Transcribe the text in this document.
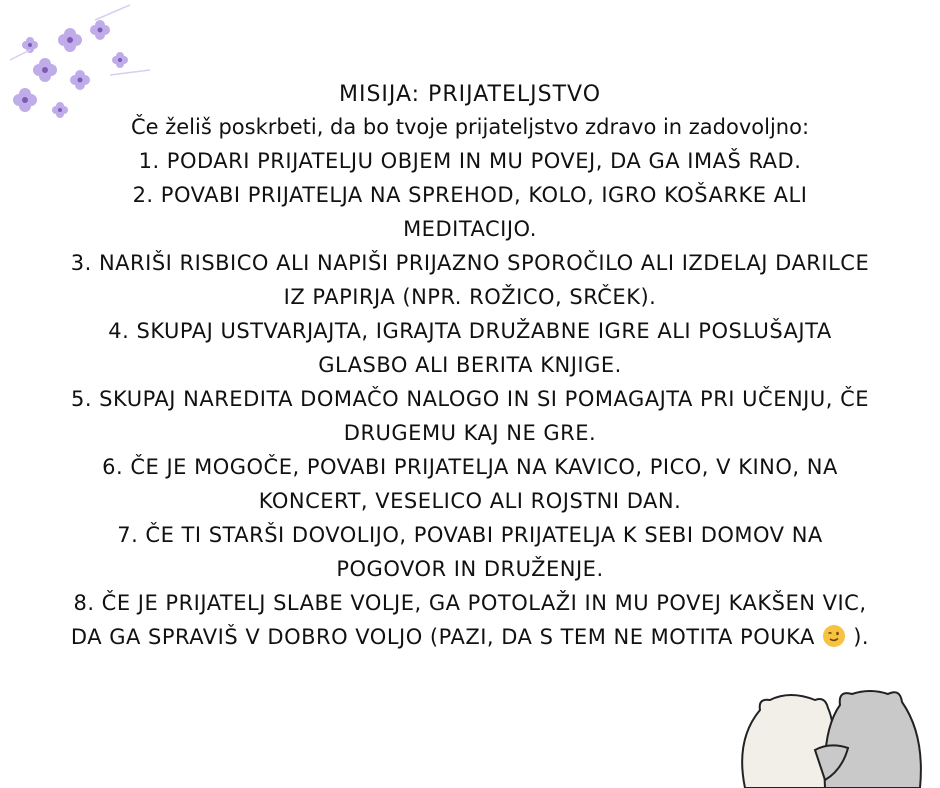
MISIJA: PRIJATELJSTVO

Če želiš poskrbeti, da bo tvoje prijateljstvo zdravo in zadovoljno:

1. PODARI PRIJATELJU OBJEM IN MU POVEJ, DA GA IMAŠ RAD.

2. POVABI PRIJATELJA NA SPREHOD, KOLO, IGRO KOŠARKE ALI MEDITACIJO.

3. NARIŠI RISBICO ALI NAPIŠI PRIJAZNO SPOROČILO ALI IZDELAJ DARILCE IZ PAPIRJA (NPR. ROŽICO, SRČEK).

4. SKUPAJ USTVARJAJTA, IGRAJTA DRUŽABNE IGRE ALI POSLUŠAJTA GLASBO ALI BERITA KNJIGE.

5. SKUPAJ NAREDITA DOMAČO NALOGO IN SI POMAGAJTA PRI UČENJU, ČE DRUGEMU KAJ NE GRE.

6. ČE JE MOGOČE, POVABI PRIJATELJA NA KAVICO, PICO, V KINO, NA KONCERT, VESELICO ALI ROJSTNI DAN.

7. ČE TI STARŠI DOVOLIJO, POVABI PRIJATELJA K SEBI DOMOV NA POGOVOR IN DRUŽENJE.

8. ČE JE PRIJATELJ SLABE VOLJE, GA POTOLAŽI IN MU POVEJ KAKŠEN VIC, DA GA SPRAVIŠ V DOBRO VOLJO (PAZI, DA S TEM NE MOTITA POUKA  ).
